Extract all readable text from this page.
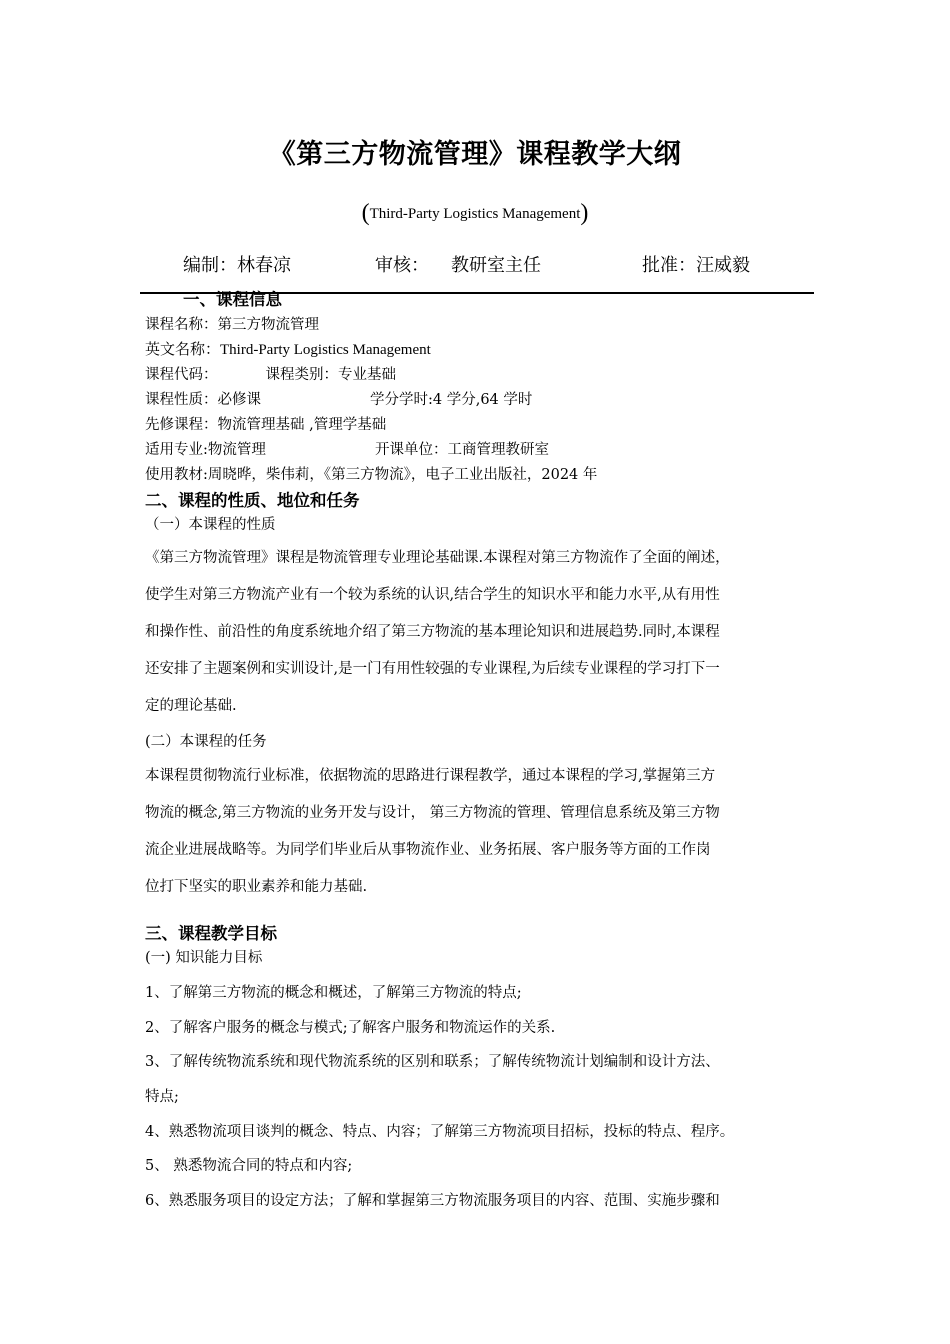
《第三方物流管理》课程教学大纲
(Third-Party Logistics Management)
编制：林春凉	审核： 教研室主任	批准：汪威毅
一、课程信息
课程名称：第三方物流管理
英文名称：Third-Party Logistics Management
课程代码：	课程类别：专业基础
课程性质：必修课	学分学时:4 学分,64 学时
先修课程：物流管理基础 ,管理学基础
适用专业:物流管理	开课单位：工商管理教研室
使用教材:周晓晔，柴伟莉，《第三方物流》，电子工业出版社，2024 年
二、课程的性质、地位和任务
（一）本课程的性质
《第三方物流管理》课程是物流管理专业理论基础课.本课程对第三方物流作了全面的阐述，
使学生对第三方物流产业有一个较为系统的认识,结合学生的知识水平和能力水平,从有用性
和操作性、前沿性的角度系统地介绍了第三方物流的基本理论知识和进展趋势.同时,本课程
还安排了主题案例和实训设计,是一门有用性较强的专业课程,为后续专业课程的学习打下一
定的理论基础.
(二）本课程的任务
本课程贯彻物流行业标准，依据物流的思路进行课程教学，通过本课程的学习,掌握第三方
物流的概念,第三方物流的业务开发与设计， 第三方物流的管理、管理信息系统及第三方物
流企业进展战略等。为同学们毕业后从事物流作业、业务拓展、客户服务等方面的工作岗
位打下坚实的职业素养和能力基础.
三、课程教学目标
(一) 知识能力目标
1、了解第三方物流的概念和概述，了解第三方物流的特点;
2、了解客户服务的概念与模式;了解客户服务和物流运作的关系.
3、了解传统物流系统和现代物流系统的区别和联系；了解传统物流计划编制和设计方法、
特点;
4、熟悉物流项目谈判的概念、特点、内容；了解第三方物流项目招标，投标的特点、程序。
5、 熟悉物流合同的特点和内容;
6、熟悉服务项目的设定方法；了解和掌握第三方物流服务项目的内容、范围、实施步骤和
